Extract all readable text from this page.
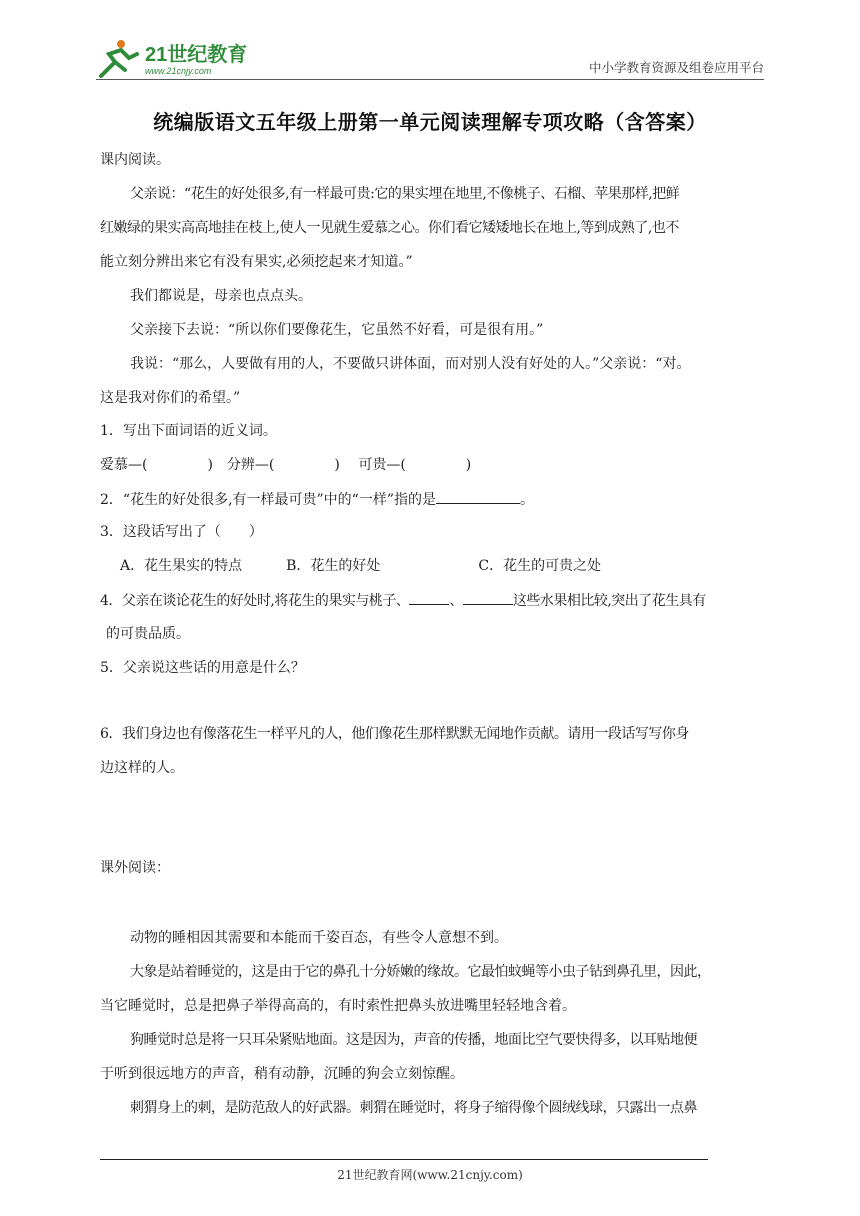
21世纪教育
www.21cnjy.com	中小学教育资源及组卷应用平台
统编版语文五年级上册第一单元阅读理解专项攻略（含答案）
课内阅读。
父亲说：“花生的好处很多,有一样最可贵:它的果实埋在地里,不像桃子、石榴、苹果那样,把鲜
红嫩绿的果实高高地挂在枝上,使人一见就生爱慕之心。你们看它矮矮地长在地上,等到成熟了,也不
能立刻分辨出来它有没有果实,必须挖起来才知道。”
我们都说是，母亲也点点头。
父亲接下去说：“所以你们要像花生，它虽然不好看，可是很有用。”
我说：“那么，人要做有用的人，不要做只讲体面，而对别人没有好处的人。”父亲说：“对。
这是我对你们的希望。”
1．写出下面词语的近义词。
爱慕—(	)　分辨—(	)　 可贵—(	)
2．“花生的好处很多,有一样最可贵”中的“一样”指的是	。
3．这段话写出了（　　）
A．花生果实的特点	B．花生的好处	C．花生的可贵之处
4．父亲在谈论花生的好处时,将花生的果实与桃子、	、	这些水果相比较,突出了花生具有
的可贵品质。
5．父亲说这些话的用意是什么？
6．我们身边也有像落花生一样平凡的人，他们像花生那样默默无闻地作贡献。请用一段话写写你身
边这样的人。
课外阅读：
动物的睡相因其需要和本能而千姿百态，有些令人意想不到。
大象是站着睡觉的，这是由于它的鼻孔十分娇嫩的缘故。它最怕蚊蝇等小虫子钻到鼻孔里，因此，
当它睡觉时，总是把鼻子举得高高的，有时索性把鼻头放进嘴里轻轻地含着。
狗睡觉时总是将一只耳朵紧贴地面。这是因为，声音的传播，地面比空气要快得多，以耳贴地便
于听到很远地方的声音，稍有动静，沉睡的狗会立刻惊醒。
刺猬身上的刺，是防范敌人的好武器。刺猬在睡觉时，将身子缩得像个圆绒线球，只露出一点鼻
21世纪教育网(www.21cnjy.com)
